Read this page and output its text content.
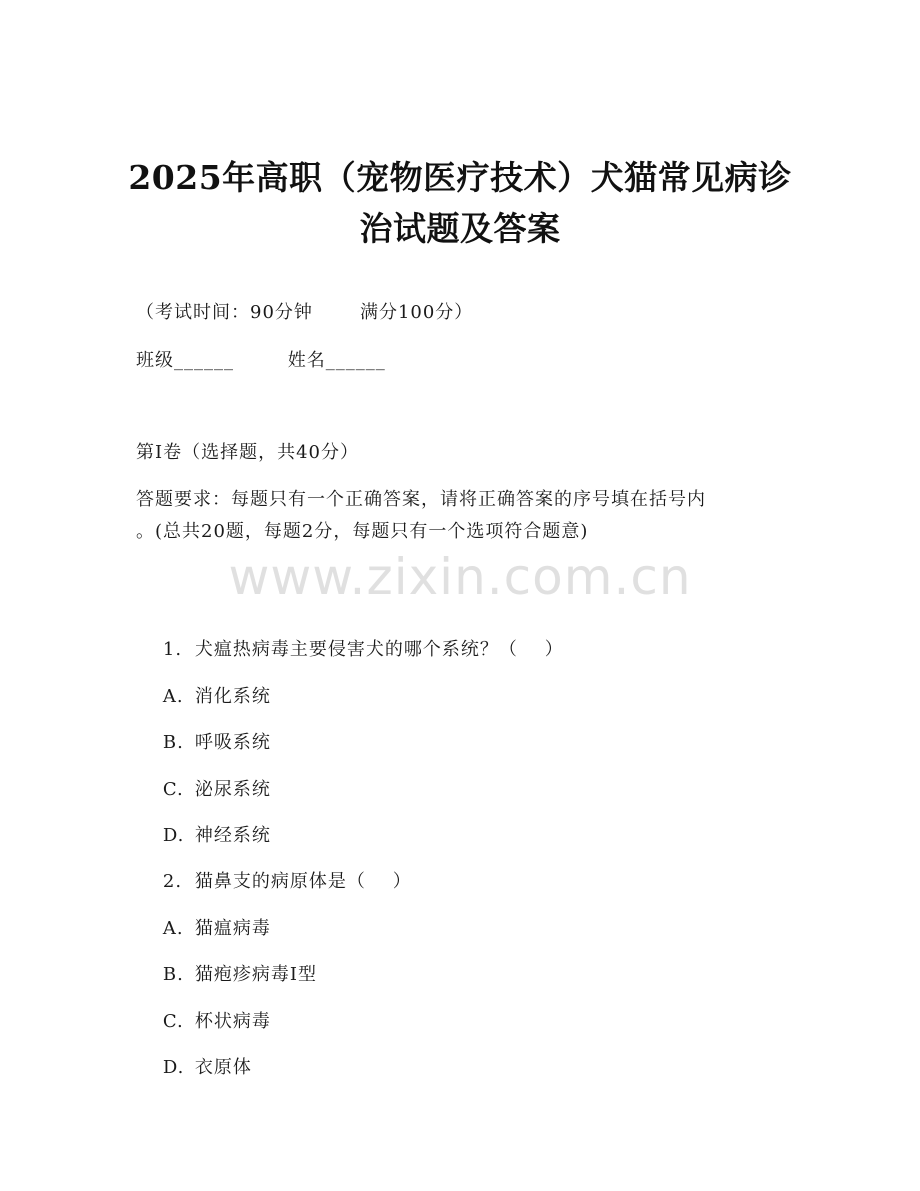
2025年高职（宠物医疗技术）犬猫常见病诊
治试题及答案
（考试时间：90分钟       满分100分）
班级______        姓名______
第I卷（选择题，共40分）
答题要求：每题只有一个正确答案，请将正确答案的序号填在括号内
。(总共20题，每题2分，每题只有一个选项符合题意)
www.zixin.com.cn

1. 犬瘟热病毒主要侵害犬的哪个系统？（    ）

A. 消化系统

B. 呼吸系统

C. 泌尿系统

D. 神经系统

2. 猫鼻支的病原体是（    ）

A. 猫瘟病毒

B. 猫疱疹病毒I型

C. 杯状病毒

D. 衣原体
